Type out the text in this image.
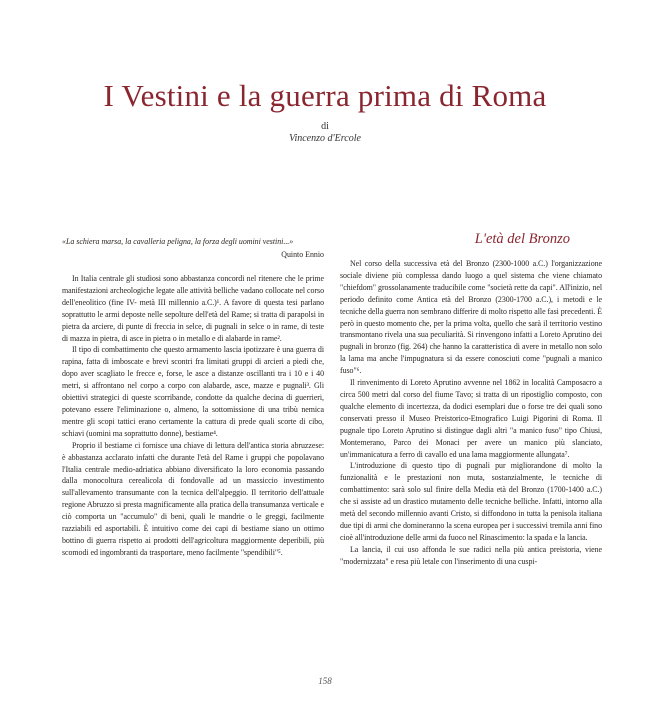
I Vestini e la guerra prima di Roma
di
Vincenzo d'Ercole
«La schiera marsa, la cavalleria peligna, la forza degli uomini vestini...»
Quinto Ennio

In Italia centrale gli studiosi sono abbastanza concordi nel ritenere che le prime manifestazioni archeologiche legate alle attività belliche vadano collocate nel corso dell'eneolitico (fine IV- metà III millennio a.C.)¹. A favore di questa tesi parlano soprattutto le armi deposte nelle sepolture dell'età del Rame; si tratta di parapolsi in pietra da arciere, di punte di freccia in selce, di pugnali in selce o in rame, di teste di mazza in pietra, di asce in pietra o in metallo e di alabarde in rame².

Il tipo di combattimento che questo armamento lascia ipotizzare è una guerra di rapina, fatta di imboscate e brevi scontri fra limitati gruppi di arcieri a piedi che, dopo aver scagliato le frecce e, forse, le asce a distanze oscillanti tra i 10 e i 40 metri, si affrontano nel corpo a corpo con alabarde, asce, mazze e pugnali³. Gli obiettivi strategici di queste scorribande, condotte da qualche decina di guerrieri, potevano essere l'eliminazione o, almeno, la sottomissione di una tribù nemica mentre gli scopi tattici erano certamente la cattura di prede quali scorte di cibo, schiavi (uomini ma soprattutto donne), bestiame⁴.

Proprio il bestiame ci fornisce una chiave di lettura dell'antica storia abruzzese: è abbastanza acclarato infatti che durante l'età del Rame i gruppi che popolavano l'Italia centrale medio-adriatica abbiano diversificato la loro economia passando dalla monocoltura cerealicola di fondovalle ad un massiccio investimento sull'allevamento transumante con la tecnica dell'alpeggio. Il territorio dell'attuale regione Abruzzo si presta magnificamente alla pratica della transumanza verticale e ciò comporta un "accumulo" di beni, quali le mandrie o le greggi, facilmente razziabili ed asportabili. È intuitivo come dei capi di bestiame siano un ottimo bottino di guerra rispetto ai prodotti dell'agricoltura maggiormente deperibili, più scomodi ed ingombranti da trasportare, meno facilmente "spendibili"⁵.

L'età del Bronzo

Nel corso della successiva età del Bronzo (2300-1000 a.C.) l'organizzazione sociale diviene più complessa dando luogo a quel sistema che viene chiamato "chiefdom" grossolanamente traducibile come "società rette da capi". All'inizio, nel periodo definito come Antica età del Bronzo (2300-1700 a.C.), i metodi e le tecniche della guerra non sembrano differire di molto rispetto alle fasi precedenti. È però in questo momento che, per la prima volta, quello che sarà il territorio vestino transmontano rivela una sua peculiarità. Si rinvengono infatti a Loreto Aprutino dei pugnali in bronzo (fig. 264) che hanno la caratteristica di avere in metallo non solo la lama ma anche l'impugnatura si da essere conosciuti come "pugnali a manico fuso"⁶.

Il rinvenimento di Loreto Aprutino avvenne nel 1862 in località Camposacro a circa 500 metri dal corso del fiume Tavo; si tratta di un ripostiglio composto, con qualche elemento di incertezza, da dodici esemplari due o forse tre dei quali sono conservati presso il Museo Preistorico-Etnografico Luigi Pigorini di Roma. Il pugnale tipo Loreto Aprutino si distingue dagli altri "a manico fuso" tipo Chiusi, Montemerano, Parco dei Monaci per avere un manico più slanciato, un'immanicatura a ferro di cavallo ed una lama maggiormente allungata⁷.

L'introduzione di questo tipo di pugnali pur migliorandone di molto la funzionalità e le prestazioni non muta, sostanzialmente, le tecniche di combattimento: sarà solo sul finire della Media età del Bronzo (1700-1400 a.C.) che si assiste ad un drastico mutamento delle tecniche belliche. Infatti, intorno alla metà del secondo millennio avanti Cristo, si diffondono in tutta la penisola italiana due tipi di armi che domineranno la scena europea per i successivi tremila anni fino cioè all'introduzione delle armi da fuoco nel Rinascimento: la spada e la lancia.

La lancia, il cui uso affonda le sue radici nella più antica preistoria, viene "modernizzata" e resa più letale con l'inserimento di una cuspi-

158
